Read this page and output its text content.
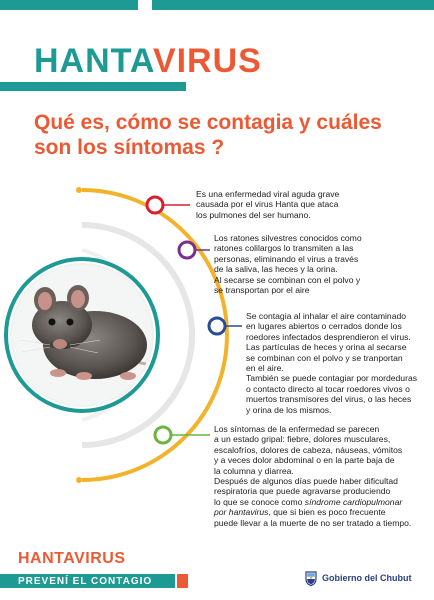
HANTAVIRUS
Qué es, cómo se contagia y cuáles son los síntomas ?

Es una enfermedad viral aguda grave
causada por el virus Hanta que ataca
los pulmones del ser humano.

Los ratones silvestres conocidos como
ratones colilargos lo transmiten a las
personas, eliminando el virus a través
de la saliva, las heces y la orina.
Al secarse se combinan con el polvo y
se transportan por el aire

Se contagia al inhalar el aire contaminado
en lugares abiertos o cerrados donde los
roedores infectados desprendieron el virus.
Las partículas de heces y orina al secarse
se combinan con el polvo y se tranportan
en el aire.
También se puede contagiar por mordeduras
o contacto directo al tocar roedores vivos o
muertos transmisores del virus, o las heces
y orina de los mismos.

Los síntomas de la enfermedad se parecen
a un estado gripal: fiebre, dolores musculares,
escalofríos, dolores de cabeza, náuseas, vómitos
y a veces dolor abdominal o en la parte baja de
la columna y diarrea.
Después de algunos días puede haber dificultad
respiratoria que puede agravarse produciendo
lo que se conoce como síndrome cardiopulmonar
por hantavirus, que si bien es poco frecuente
puede llevar a la muerte de no ser tratado a tiempo.

HANTAVIRUS
PREVENÍ EL CONTAGIO	Gobierno del Chubut
